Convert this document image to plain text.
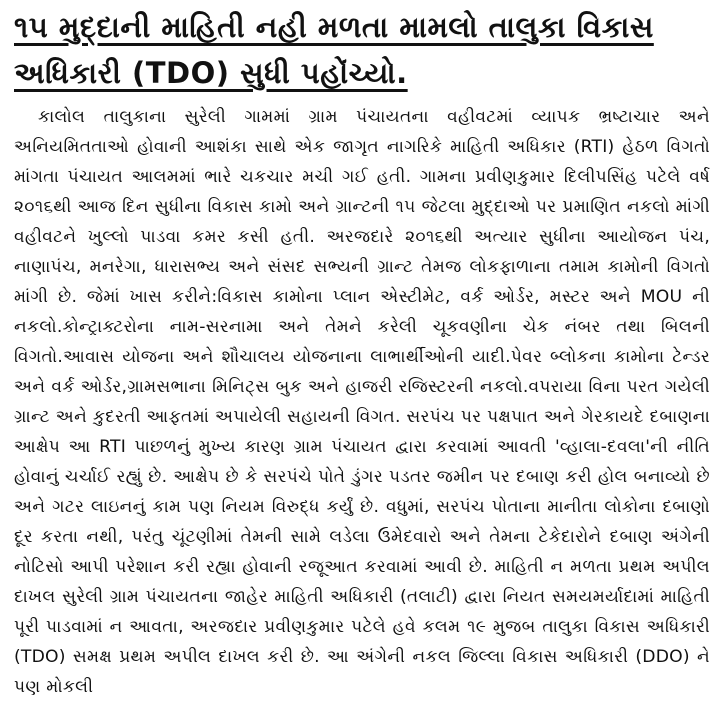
૧૫ મુદ્દાની માહિતી નહી મળતા મામલો તાલુકા વિકાસ
અધિકારી (TDO) સુધી પહોંચ્યો.

કાલોલ તાલુકાના સુરેલી ગામમાં ગ્રામ પંચાયતના વહીવટમાં વ્યાપક ભ્રષ્ટાચાર અને અનિયમિતતાઓ હોવાની આશંકા સાથે એક જાગૃત નાગરિકે માહિતી અધિકાર (RTI) હેઠળ વિગતો માંગતા પંચાયત આલમમાં ભારે ચકચાર મચી ગઈ હતી. ગામના પ્રવીણકુમાર દિલીપસિંહ પટેલે વર્ષ ૨૦૧૬થી આજ દિન સુધીના વિકાસ કામો અને ગ્રાન્ટની ૧૫ જેટલા મુદ્દાઓ પર પ્રમાણિત નકલો માંગી વહીવટને ખુલ્લો પાડવા કમર કસી હતી. અરજદારે ૨૦૧૬થી અત્યાર સુધીના આયોજન પંચ, નાણાપંચ, મનરેગા, ધારાસભ્ય અને સંસદ સભ્યની ગ્રાન્ટ તેમજ લોકફાળાના તમામ કામોની વિગતો માંગી છે. જેમાં ખાસ કરીને:વિકાસ કામોના પ્લાન એસ્ટીમેટ, વર્ક ઓર્ડર, મસ્ટર અને MOU ની નકલો.કોન્ટ્રાક્ટરોના નામ-સરનામા અને તેમને કરેલી ચૂકવણીના ચેક નંબર તથા બિલની વિગતો.આવાસ યોજના અને શૌચાલય યોજનાના લાભાર્થીઓની યાદી.પેવર બ્લોકના કામોના ટેન્ડર અને વર્ક ઓર્ડર,ગ્રામસભાના મિનિટ્સ બુક અને હાજરી રજિસ્ટરની નકલો.વપરાયા વિના પરત ગયેલી ગ્રાન્ટ અને કુદરતી આફતમાં અપાયેલી સહાયની વિગત. સરપંચ પર પક્ષપાત અને ગેરકાયદે દબાણના આક્ષેપ આ RTI પાછળનું મુખ્ય કારણ ગ્રામ પંચાયત દ્વારા કરવામાં આવતી 'વ્હાલા-દવલા'ની નીતિ હોવાનું ચર્ચાઈ રહ્યું છે. આક્ષેપ છે કે સરપંચે પોતે ડુંગર પડતર જમીન પર દબાણ કરી હોલ બનાવ્યો છે અને ગટર લાઇનનું કામ પણ નિયમ વિરુદ્ધ કર્યું છે. વધુમાં, સરપંચ પોતાના માનીતા લોકોના દબાણો દૂર કરતા નથી, પરંતુ ચૂંટણીમાં તેમની સામે લડેલા ઉમેદવારો અને તેમના ટેકેદારોને દબાણ અંગેની નોટિસો આપી પરેશાન કરી રહ્યા હોવાની રજૂઆત કરવામાં આવી છે. માહિતી ન મળતા પ્રથમ અપીલ દાખલ સુરેલી ગ્રામ પંચાયતના જાહેર માહિતી અધિકારી (તલાટી) દ્વારા નિયત સમયમર્યાદામાં માહિતી પૂરી પાડવામાં ન આવતા, અરજદાર પ્રવીણકુમાર પટેલે હવે કલમ ૧૯ મુજબ તાલુકા વિકાસ અધિકારી (TDO) સમક્ષ પ્રથમ અપીલ દાખલ કરી છે. આ અંગેની નકલ જિલ્લા વિકાસ અધિકારી (DDO) ને પણ મોકલી
